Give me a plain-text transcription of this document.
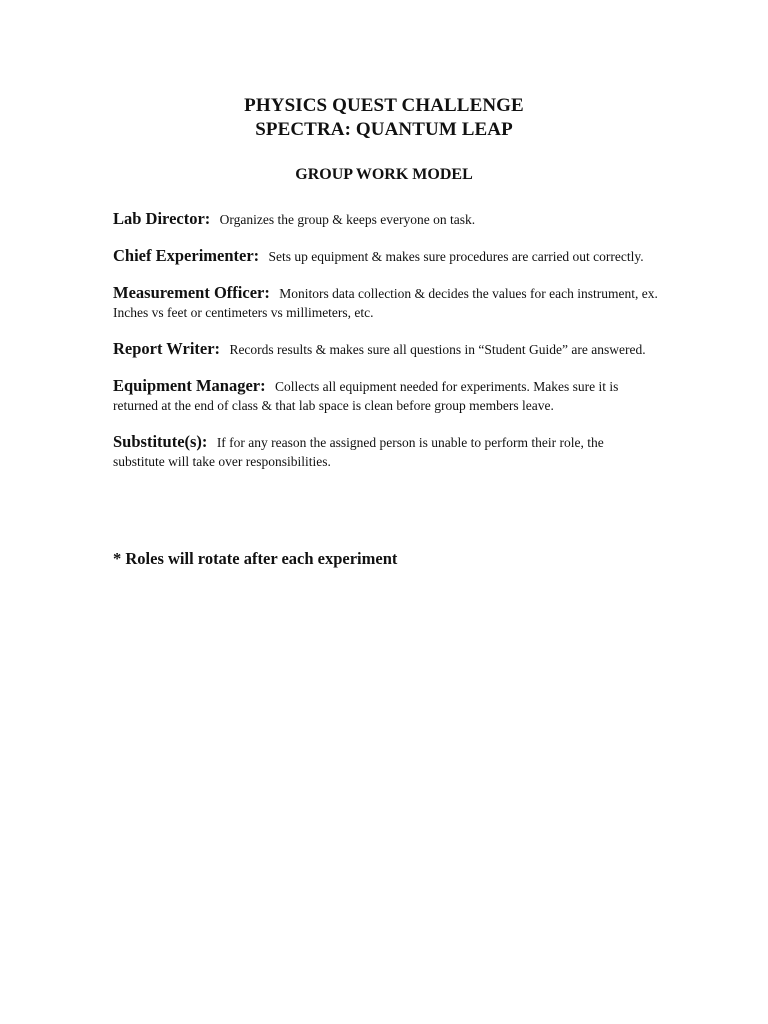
PHYSICS QUEST CHALLENGE
SPECTRA: QUANTUM LEAP
GROUP WORK MODEL

Lab Director: Organizes the group & keeps everyone on task.

Chief Experimenter: Sets up equipment & makes sure procedures are carried out correctly.

Measurement Officer: Monitors data collection & decides the values for each instrument, ex. Inches vs feet or centimeters vs millimeters, etc.

Report Writer: Records results & makes sure all questions in “Student Guide” are answered.

Equipment Manager: Collects all equipment needed for experiments. Makes sure it is returned at the end of class & that lab space is clean before group members leave.

Substitute(s): If for any reason the assigned person is unable to perform their role, the substitute will take over responsibilities.

* Roles will rotate after each experiment
